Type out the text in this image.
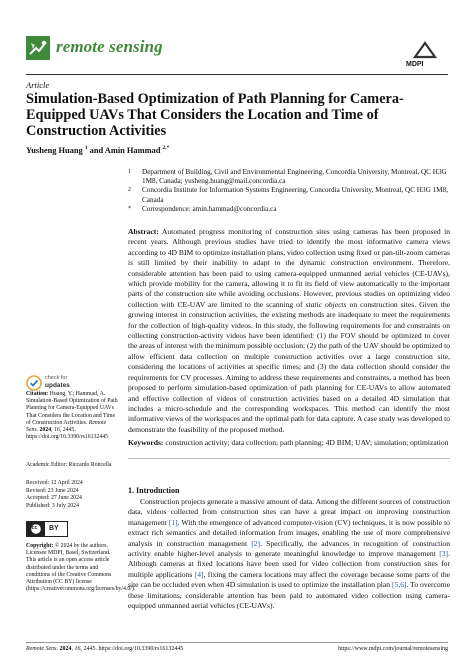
remote sensing
MDPI
Article
Simulation-Based Optimization of Path Planning for Camera-Equipped UAVs That Considers the Location and Time of Construction Activities
Yusheng Huang $^1$ and Amin Hammad $^{2,*}$
1 Department of Building, Civil and Environmental Engineering, Concordia University, Montreal, QC H3G 1M8, Canada; yusheng.huang@mail.concordia.ca
2 Concordia Institute for Information Systems Engineering, Concordia University, Montreal, QC H3G 1M8, Canada
* Correspondence: amin.hammad@concordia.ca
Abstract: Automated progress monitoring of construction sites using cameras has been proposed in recent years. Although previous studies have tried to identify the most informative camera views according to 4D BIM to optimize installation plans, video collection using fixed or pan-tilt-zoom cameras is still limited by their inability to adapt to the dynamic construction environment. Therefore, considerable attention has been paid to using camera-equipped unmanned aerial vehicles (CE-UAVs), which provide mobility for the camera, allowing it to fit its field of view automatically to the important parts of the construction site while avoiding occlusions. However, previous studies on optimizing video collection with CE-UAV are limited to the scanning of static objects on construction sites. Given the growing interest in construction activities, the existing methods are inadequate to meet the requirements for the collection of high-quality videos. In this study, the following requirements for and constraints on collecting construction-activity videos have been identified: (1) the FOV should be optimized to cover the areas of interest with the minimum possible occlusion; (2) the path of the UAV should be optimized to allow efficient data collection on multiple construction activities over a large construction site, considering the locations of activities at specific times; and (3) the data collection should consider the requirements for CV processes. Aiming to address these requirements and constraints, a method has been proposed to perform simulation-based optimization of path planning for CE-UAVs to allow automated and effective collection of videos of construction activities based on a detailed 4D simulation that includes a micro-schedule and the corresponding workspaces. This method can identify the most informative views of the workspaces and the optimal path for data capture. A case study was developed to demonstrate the feasibility of the proposed method.
Keywords: construction activity; data collection; path planning; 4D BIM; UAV; simulation; optimization
1. Introduction
Construction projects generate a massive amount of data. Among the different sources of construction data, videos collected from construction sites can have a great impact on improving construction management [1]. With the emergence of advanced computer-vision (CV) techniques, it is now possible to extract rich semantics and detailed information from images, enabling the use of more comprehensive analysis in construction management [2]. Specifically, the advances in recognition of construction activity enable higher-level analysis to generate meaningful knowledge to improve management [3]. Although cameras at fixed locations have been used for video collection from construction sites for multiple applications [4], fixing the camera locations may affect the coverage because some parts of the site can be occluded even when 4D simulation is used to optimize the installation plan [5,6]. To overcome these limitations, considerable attention has been paid to automated video collection using camera-equipped unmanned aerial vehicles (CE-UAVs).
check for
updates
Citation: Huang, Y.; Hammad, A. Simulation-Based Optimization of Path Planning for Camera-Equipped UAVs That Considers the Location and Time of Construction Activities. Remote Sens. 2024, 16, 2445. https://doi.org/10.3390/rs16132445
Academic Editor: Riccardo Roncella
Received: 12 April 2024
Revised: 23 June 2024
Accepted: 27 June 2024
Published: 3 July 2024
cc BY
Copyright: © 2024 by the authors. Licensee MDPI, Basel, Switzerland. This article is an open access article distributed under the terms and conditions of the Creative Commons Attribution (CC BY) license (https://creativecommons.org/licenses/by/4.0/).
Remote Sens. 2024, 16, 2445. https://doi.org/10.3390/rs16132445	https://www.mdpi.com/journal/remotesensing
